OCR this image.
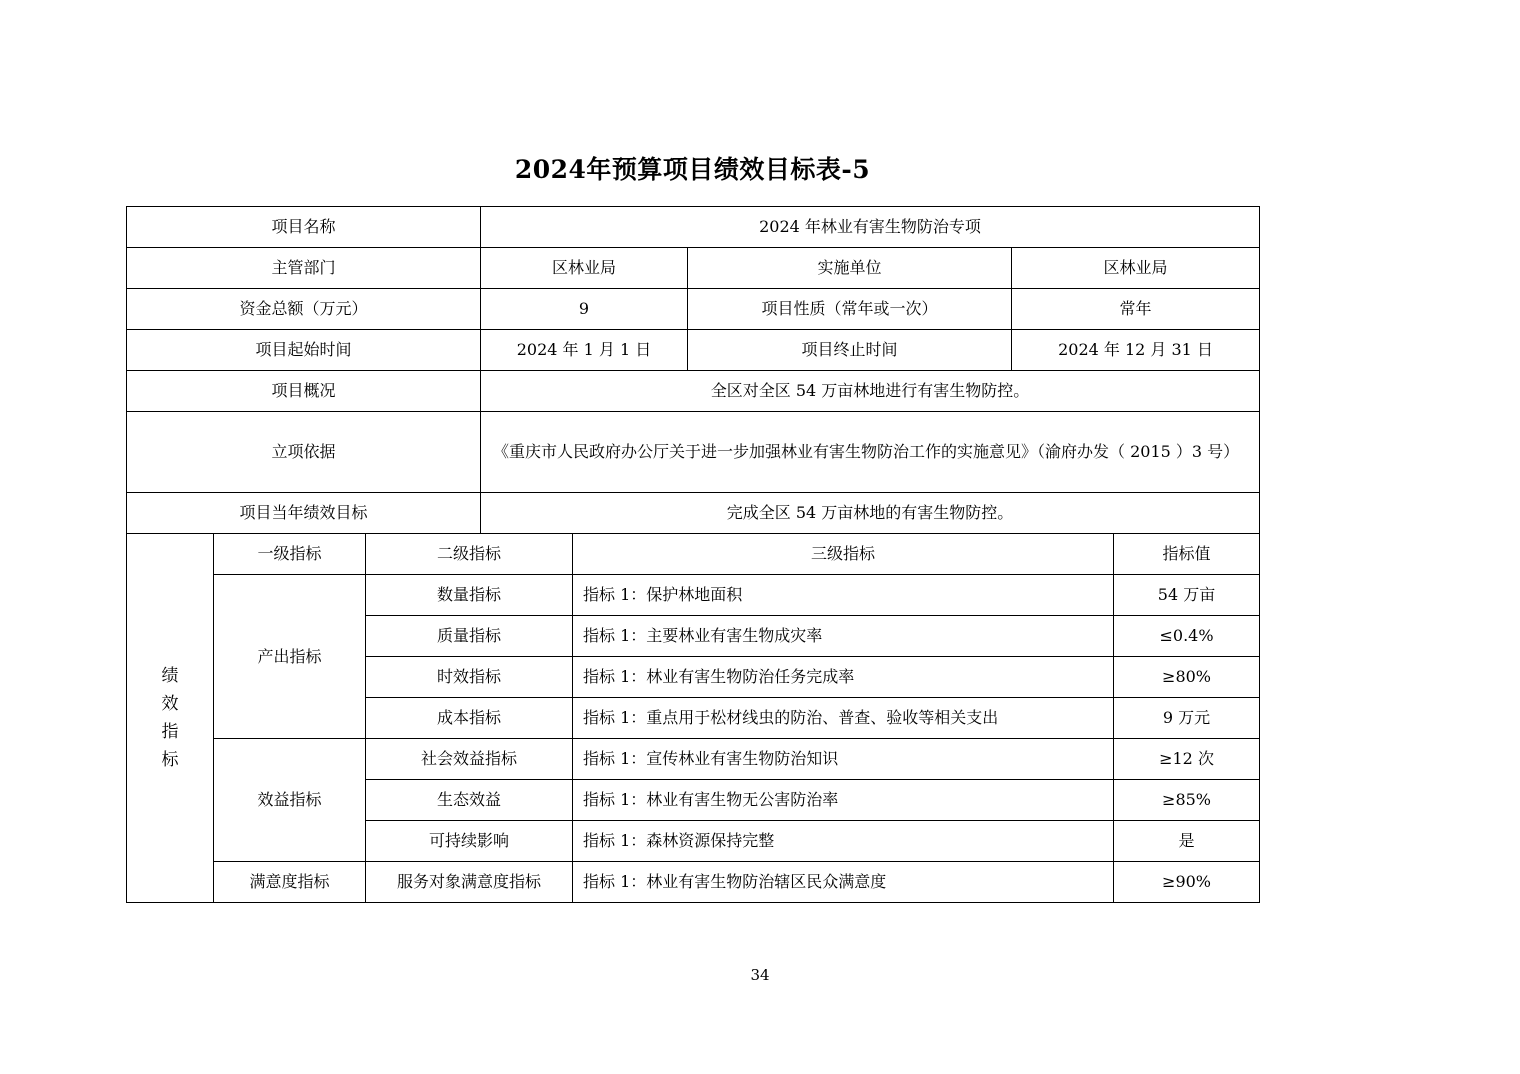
2024年预算项目绩效目标表-5
项目名称			2024 年林业有害生物防治专项				
主管部门			区林业局		实施单位	区林业局	
资金总额（万元）			9		项目性质（常年或一次）	常年	
项目起始时间			2024 年 1 月 1 日		项目终止时间	2024 年 12 月 31 日	
项目概况			全区对全区 54 万亩林地进行有害生物防控。				
立项依据			《重庆市人民政府办公厅关于进一步加强林业有害生物防治工作的实施意见》（渝府办发（ 2015 ）3 号）				
项目当年绩效目标			完成全区 54 万亩林地的有害生物防控。				
绩效指标	一级指标	二级指标		三级指标			指标值
	产出指标	数量指标		指标 1：保护林地面积			54 万亩
		质量指标		指标 1：主要林业有害生物成灾率			≤0.4%
		时效指标		指标 1：林业有害生物防治任务完成率			≥80%
		成本指标		指标 1：重点用于松材线虫的防治、普查、验收等相关支出			9 万元
	效益指标	社会效益指标		指标 1：宣传林业有害生物防治知识			≥12 次
		生态效益		指标 1：林业有害生物无公害防治率			≥85%
		可持续影响		指标 1：森林资源保持完整			是
	满意度指标	服务对象满意度指标		指标 1：林业有害生物防治辖区民众满意度			≥90%
34
